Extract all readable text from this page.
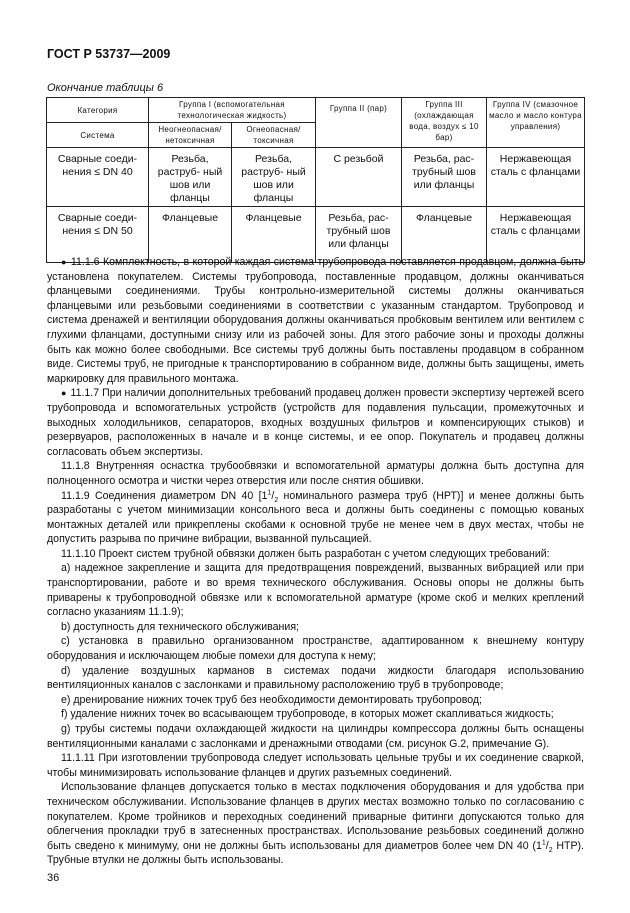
ГОСТ Р 53737—2009
Окончание таблицы 6
Категория	Группа I (вспомогательная технологическая жидкость)		Группа II (пар)	Группа III (охлаждающая вода, воздух ≤ 10 бар)	Группа IV (смазочное масло и масло контура управления)
Система	Неогнеопасная/ нетоксичная	Огнеопасная/ токсичная			
Сварные соеди- нения ≤ DN 40	Резьба, раструб- ный шов или фланцы	Резьба, раструб- ный шов или фланцы	С резьбой	Резьба, рас- трубный шов или фланцы	Нержавеющая сталь с фланцами
Сварные соеди- нения ≤ DN 50	Фланцевые	Фланцевые	Резьба, рас- трубный шов или фланцы	Фланцевые	Нержавеющая сталь с фланцами

● 11.1.6 Комплектность, в которой каждая система трубопровода поставляется продавцом, должна быть установлена покупателем. Системы трубопровода, поставленные продавцом, должны оканчиваться фланцевыми соединениями. Трубы контрольно-измерительной системы должны оканчиваться фланцевыми или резьбовыми соединениями в соответствии с указанным стандартом. Трубопровод и система дренажей и вентиляции оборудования должны оканчиваться пробковым вентилем или вентилем с глухими фланцами, доступными снизу или из рабочей зоны. Для этого рабочие зоны и проходы должны быть как можно более свободными. Все системы труб должны быть поставлены продавцом в собранном виде. Системы труб, не пригодные к транспортированию в собранном виде, должны быть защищены, иметь маркировку для правильного монтажа.

● 11.1.7 При наличии дополнительных требований продавец должен провести экспертизу чертежей всего трубопровода и вспомогательных устройств (устройств для подавления пульсации, промежуточных и выходных холодильников, сепараторов, входных воздушных фильтров и компенсирующих стыков) и резервуаров, расположенных в начале и в конце системы, и ее опор. Покупатель и продавец должны согласовать объем экспертизы.

11.1.8 Внутренняя оснастка трубообвязки и вспомогательной арматуры должна быть доступна для полноценного осмотра и чистки через отверстия или после снятия обшивки.

11.1.9 Соединения диаметром DN 40 [$1^1/_2$ номинального размера труб (НРТ)] и менее должны быть разработаны с учетом минимизации консольного веса и должны быть соединены с помощью кованых монтажных деталей или прикреплены скобами к основной трубе не менее чем в двух местах, чтобы не допустить разрыва по причине вибрации, вызванной пульсацией.

11.1.10 Проект систем трубной обвязки должен быть разработан с учетом следующих требований:

a) надежное закрепление и защита для предотвращения повреждений, вызванных вибрацией или при транспортировании, работе и во время технического обслуживания. Основы опоры не должны быть приварены к трубопроводной обвязке или к вспомогательной арматуре (кроме скоб и мелких креплений согласно указаниям 11.1.9);

b) доступность для технического обслуживания;

c) установка в правильно организованном пространстве, адаптированном к внешнему контуру оборудования и исключающем любые помехи для доступа к нему;

d) удаление воздушных карманов в системах подачи жидкости благодаря использованию вентиляционных каналов с заслонками и правильному расположению труб в трубопроводе;

e) дренирование нижних точек труб без необходимости демонтировать трубопровод;

f) удаление нижних точек во всасывающем трубопроводе, в которых может скапливаться жидкость;

g) трубы системы подачи охлаждающей жидкости на цилиндры компрессора должны быть оснащены вентиляционными каналами с заслонками и дренажными отводами (см. рисунок G.2, примечание G).

11.1.11 При изготовлении трубопровода следует использовать цельные трубы и их соединение сваркой, чтобы минимизировать использование фланцев и других разъемных соединений.

Использование фланцев допускается только в местах подключения оборудования и для удобства при техническом обслуживании. Использование фланцев в других местах возможно только по согласованию с покупателем. Кроме тройников и переходных соединений приварные фитинги допускаются только для облегчения прокладки труб в затесненных пространствах. Использование резьбовых соединений должно быть сведено к минимуму, они не должны быть использованы для диаметров более чем DN 40 ($1^1/_2$ НТР). Трубные втулки не должны быть использованы.

36
